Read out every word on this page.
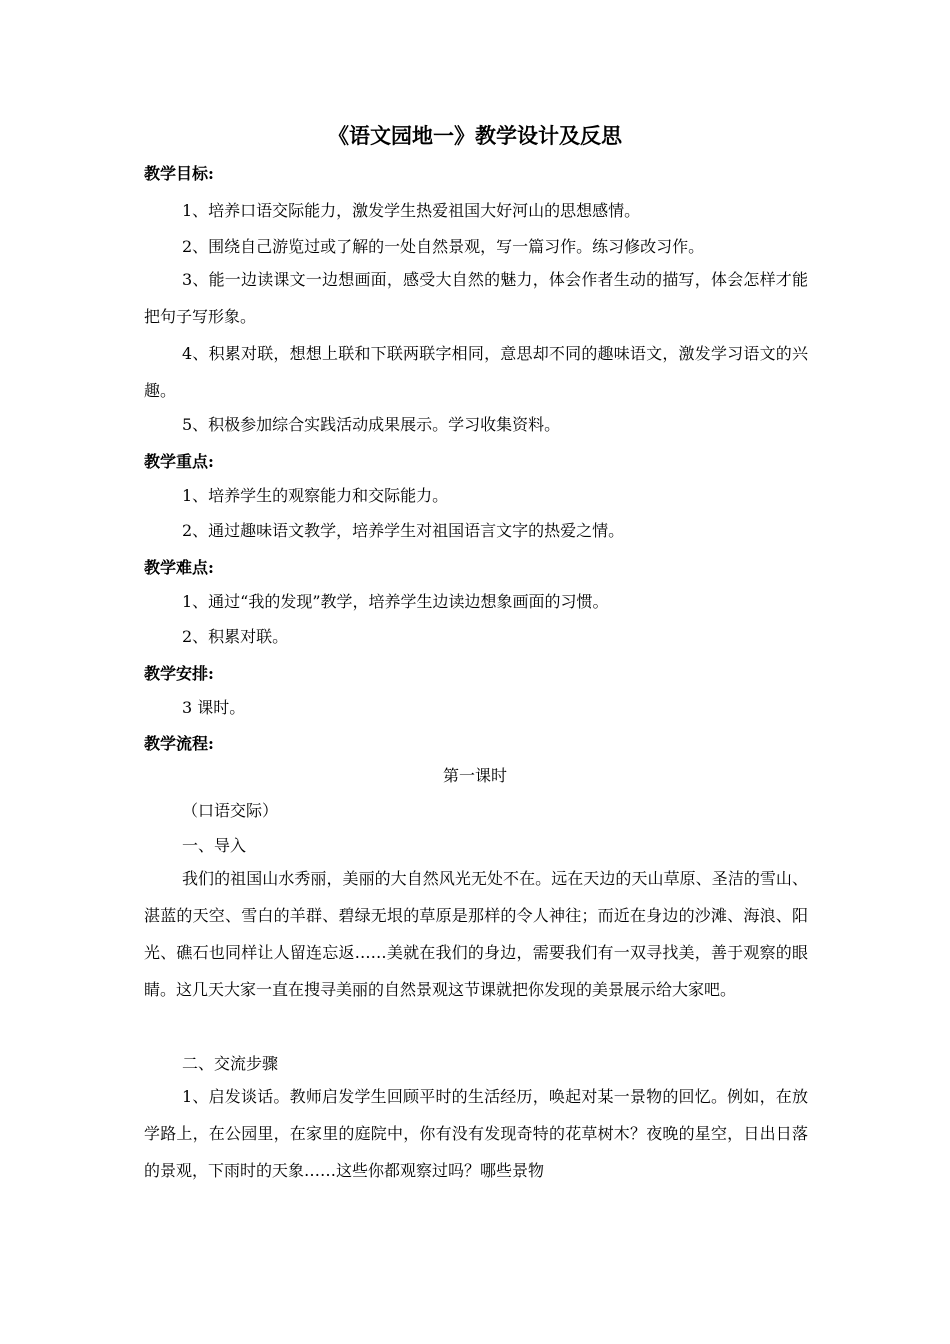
《语文园地一》教学设计及反思
教学目标:
1、培养口语交际能力，激发学生热爱祖国大好河山的思想感情。
2、围绕自己游览过或了解的一处自然景观，写一篇习作。练习修改习作。

3、能一边读课文一边想画面，感受大自然的魅力，体会作者生动的描写，体会怎样才能把句子写形象。

4、积累对联，想想上联和下联两联字相同，意思却不同的趣味语文，激发学习语文的兴趣。

5、积极参加综合实践活动成果展示。学习收集资料。
教学重点:
1、培养学生的观察能力和交际能力。
2、通过趣味语文教学，培养学生对祖国语言文字的热爱之情。
教学难点:
1、通过“我的发现”教学，培养学生边读边想象画面的习惯。
2、积累对联。
教学安排:
3 课时。
教学流程:
第一课时
（口语交际）
一、导入

我们的祖国山水秀丽，美丽的大自然风光无处不在。远在天边的天山草原、圣洁的雪山、湛蓝的天空、雪白的羊群、碧绿无垠的草原是那样的令人神往；而近在身边的沙滩、海浪、阳光、礁石也同样让人留连忘返……美就在我们的身边，需要我们有一双寻找美，善于观察的眼睛。这几天大家一直在搜寻美丽的自然景观这节课就把你发现的美景展示给大家吧。

二、交流步骤

1、启发谈话。教师启发学生回顾平时的生活经历，唤起对某一景物的回忆。例如，在放学路上，在公园里，在家里的庭院中，你有没有发现奇特的花草树木？夜晚的星空，日出日落的景观，下雨时的天象……这些你都观察过吗？哪些景物
